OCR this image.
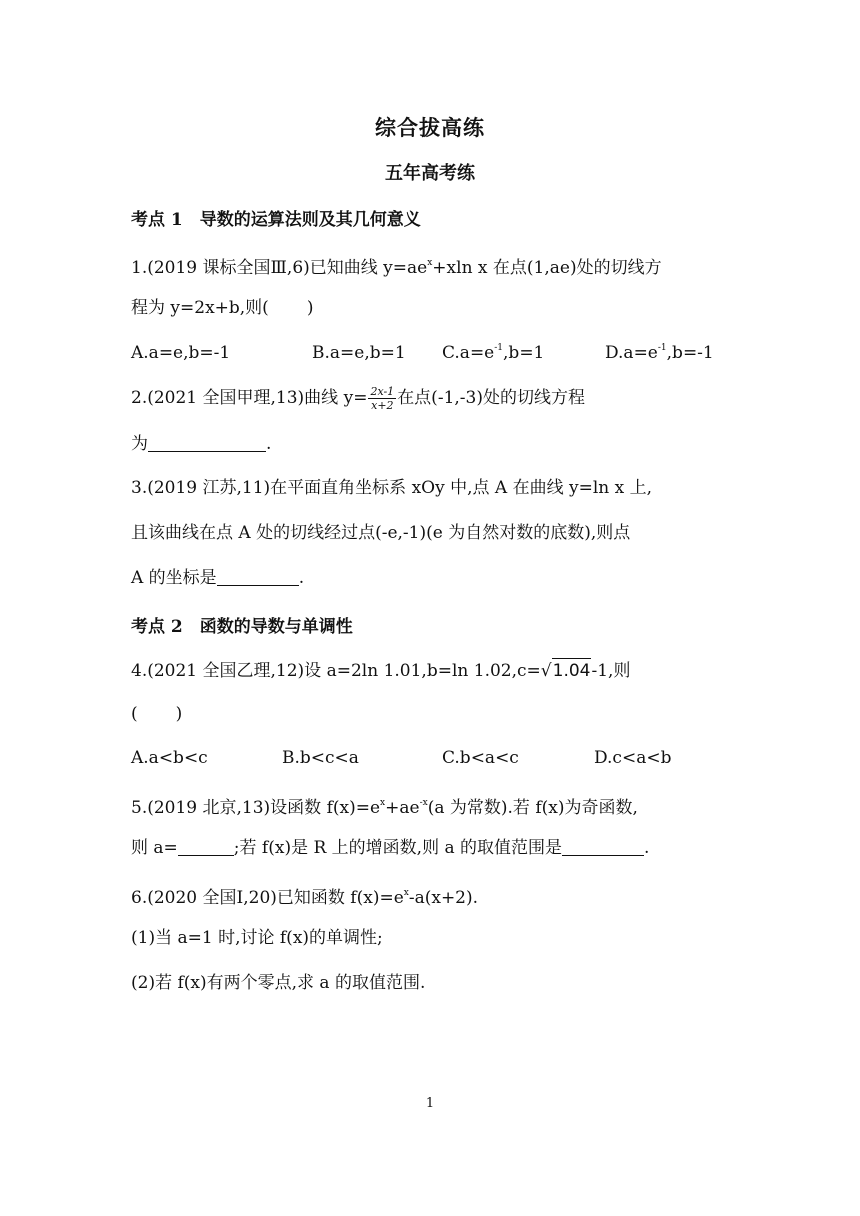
综合拔高练
五年高考练
考点 1　导数的运算法则及其几何意义
1.(2019 课标全国Ⅲ,6)已知曲线 $y=ae^x+xln$ x 在点(1,ae)处的切线方
程为 y=2x+b,则( )
A.a=e,b=-1	B.a=e,b=1 $C.a=e^{-1},b=1$	$D.a=e^{-1},b=-1$
2.(2021 全国甲理,13)曲线 $y= \frac{2x-1}{x+2}$ 在点(-1,-3)处的切线方程
为	.
3.(2019 江苏,11)在平面直角坐标系 xOy 中,点 A 在曲线 y=ln x 上,
且该曲线在点 A 处的切线经过点(-e,-1)(e 为自然对数的底数),则点
A 的坐标是	.
考点 2　函数的导数与单调性
4.(2021 全国乙理,12)设 a=2ln 1.01,b=ln 1.02,c=√1.04-1,则
( )
A.a<b<c	B.b<c<a	C.b<a<c	D.c<a<b
5.(2019 北京,13)设函数 $f(x)=e^x+ae^{-x}(a$ 为常数).若 f(x)为奇函数,
则 a=	;若 f(x)是 R 上的增函数,则 a 的取值范围是	.
6.(2020 全国Ⅰ,20)已知函数 $f(x)=e^x-a(x+2)$.
(1)当 a=1 时,讨论 f(x)的单调性;
(2)若 f(x)有两个零点,求 a 的取值范围.
1
